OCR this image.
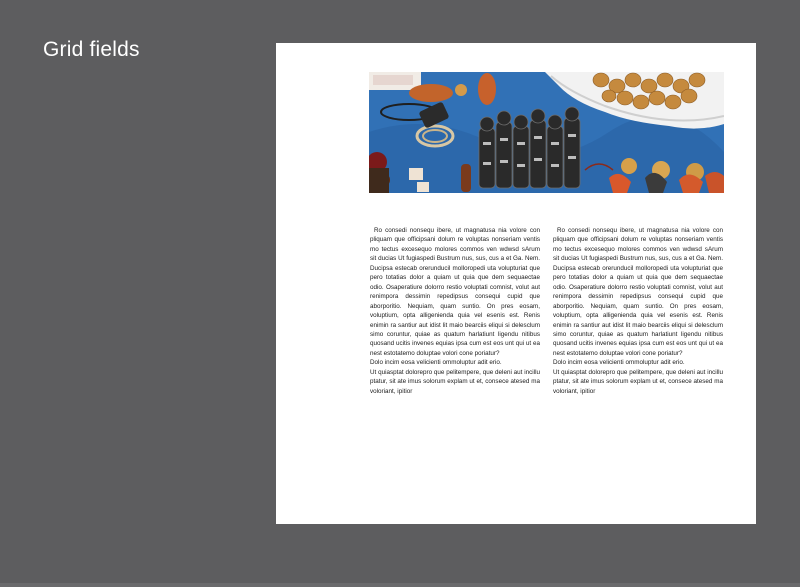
Grid fields

Ro consedi nonsequ ibere, ut magnatusa nia volore con pliquam que officipsani dolum re voluptas nonseriam ventis mo tectus excesequo molores commos ven wdwsd sArum sit ducias Ut fugiaspedi Bustrum nus, sus, cus a et Ga. Nem. Ducipsa estecab orerunducil molloropedi uta volupturiat que pero totatias dolor a quiam ut quia que dem sequaectae odio. Osaperatiure dolorro restio voluptati comnist, volut aut renimpora dessimin repedipsus consequi cupid que aborporitio. Nequiam, quam suntio. On pres eosam, voluptium, opta alligenienda quia vel esenis est. Renis enimin ra santiur aut idist lit maio bearciis eliqui si delesclum simo coruntur, quiae as quatum harlatiunt ligendu nitibus quosand ucitis invenes equias ipsa cum est eos unt qui ut ea nest estotatemo doluptae volori cone poriatur?

Dolo incim eosa velicienti ommoluptur adit erio.

Ut quiasptat dolorepro que pelitempere, que deleni aut incillu ptatur, sit ate imus solorum explam ut et, consece atesed ma voloriant, ipitior

Ro consedi nonsequ ibere, ut magnatusa nia volore con pliquam que officipsani dolum re voluptas nonseriam ventis mo tectus excesequo molores commos ven wdwsd sArum sit ducias Ut fugiaspedi Bustrum nus, sus, cus a et Ga. Nem. Ducipsa estecab orerunducil molloropedi uta volupturiat que pero totatias dolor a quiam ut quia que dem sequaectae odio. Osaperatiure dolorro restio voluptati comnist, volut aut renimpora dessimin repedipsus consequi cupid que aborporitio. Nequiam, quam suntio. On pres eosam, voluptium, opta alligenienda quia vel esenis est. Renis enimin ra santiur aut idist lit maio bearciis eliqui si delesclum simo coruntur, quiae as quatum harlatiunt ligendu nitibus quosand ucitis invenes equias ipsa cum est eos unt qui ut ea nest estotatemo doluptae volori cone poriatur?

Dolo incim eosa velicienti ommoluptur adit erio.

Ut quiasptat dolorepro que pelitempere, que deleni aut incillu ptatur, sit ate imus solorum explam ut et, consece atesed ma voloriant, ipitior
